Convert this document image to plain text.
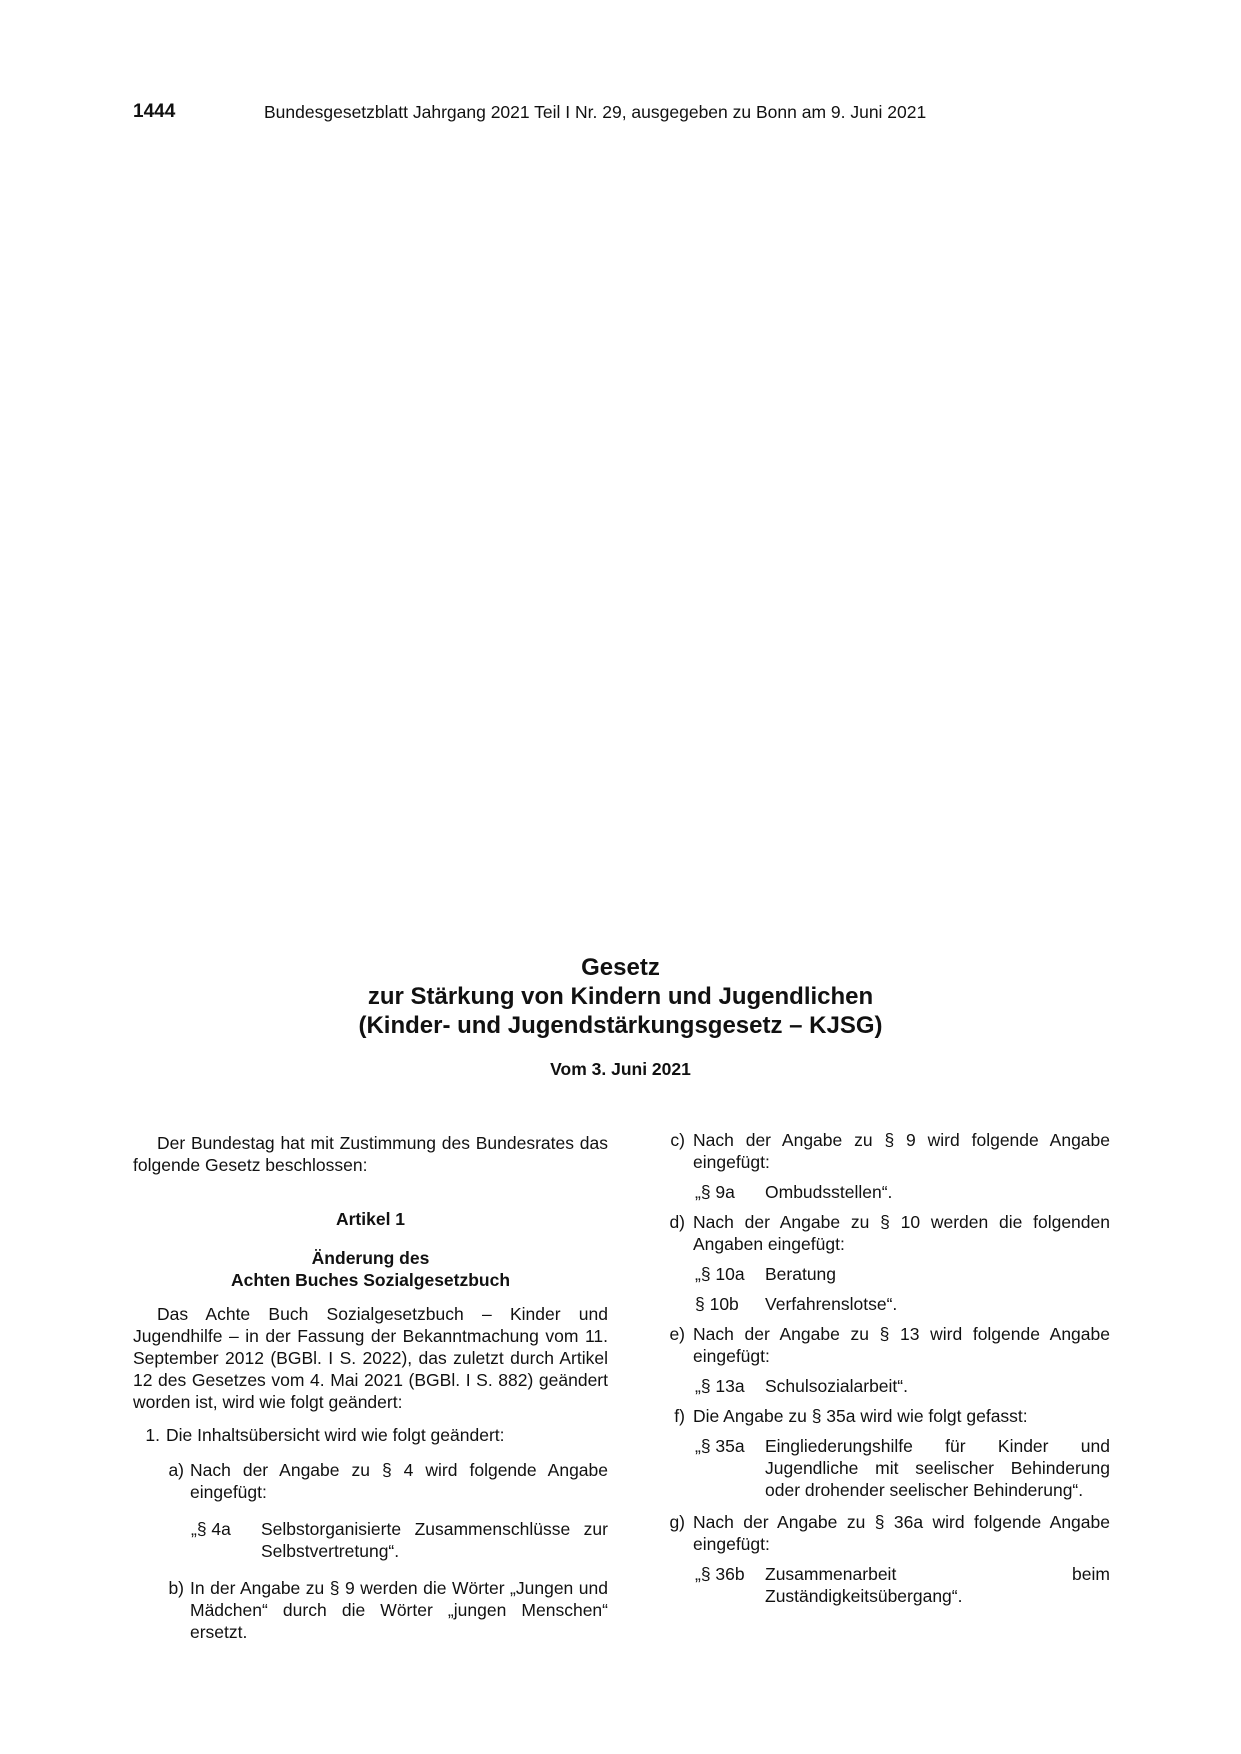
1444	Bundesgesetzblatt Jahrgang 2021 Teil I Nr. 29, ausgegeben zu Bonn am 9. Juni 2021
Gesetz
zur Stärkung von Kindern und Jugendlichen
(Kinder- und Jugendstärkungsgesetz – KJSG)
Vom 3. Juni 2021

Der Bundestag hat mit Zustimmung des Bundesrates das folgende Gesetz beschlossen:

Artikel 1

Änderung des
Achten Buches Sozialgesetzbuch

Das Achte Buch Sozialgesetzbuch – Kinder und Jugendhilfe – in der Fassung der Bekanntmachung vom 11. September 2012 (BGBl. I S. 2022), das zuletzt durch Artikel 12 des Gesetzes vom 4. Mai 2021 (BGBl. I S. 882) geändert worden ist, wird wie folgt geändert:

1. Die Inhaltsübersicht wird wie folgt geändert:
a) Nach der Angabe zu § 4 wird folgende Angabe eingefügt:
„§ 4a	Selbstorganisierte Zusammenschlüsse zur Selbstvertretung“.
b) In der Angabe zu § 9 werden die Wörter „Jungen und Mädchen“ durch die Wörter „jungen Menschen“ ersetzt.
c) Nach der Angabe zu § 9 wird folgende Angabe eingefügt:
„§ 9a	Ombudsstellen“.
d) Nach der Angabe zu § 10 werden die folgenden Angaben eingefügt:
„§ 10a	Beratung
§ 10b	Verfahrenslotse“.
e) Nach der Angabe zu § 13 wird folgende Angabe eingefügt:
„§ 13a	Schulsozialarbeit“.
f) Die Angabe zu § 35a wird wie folgt gefasst:
„§ 35a	Eingliederungshilfe für Kinder und Jugendliche mit seelischer Behinderung oder drohender seelischer Behinderung“.
g) Nach der Angabe zu § 36a wird folgende Angabe eingefügt:
„§ 36b	Zusammenarbeit beim Zuständigkeitsübergang“.
